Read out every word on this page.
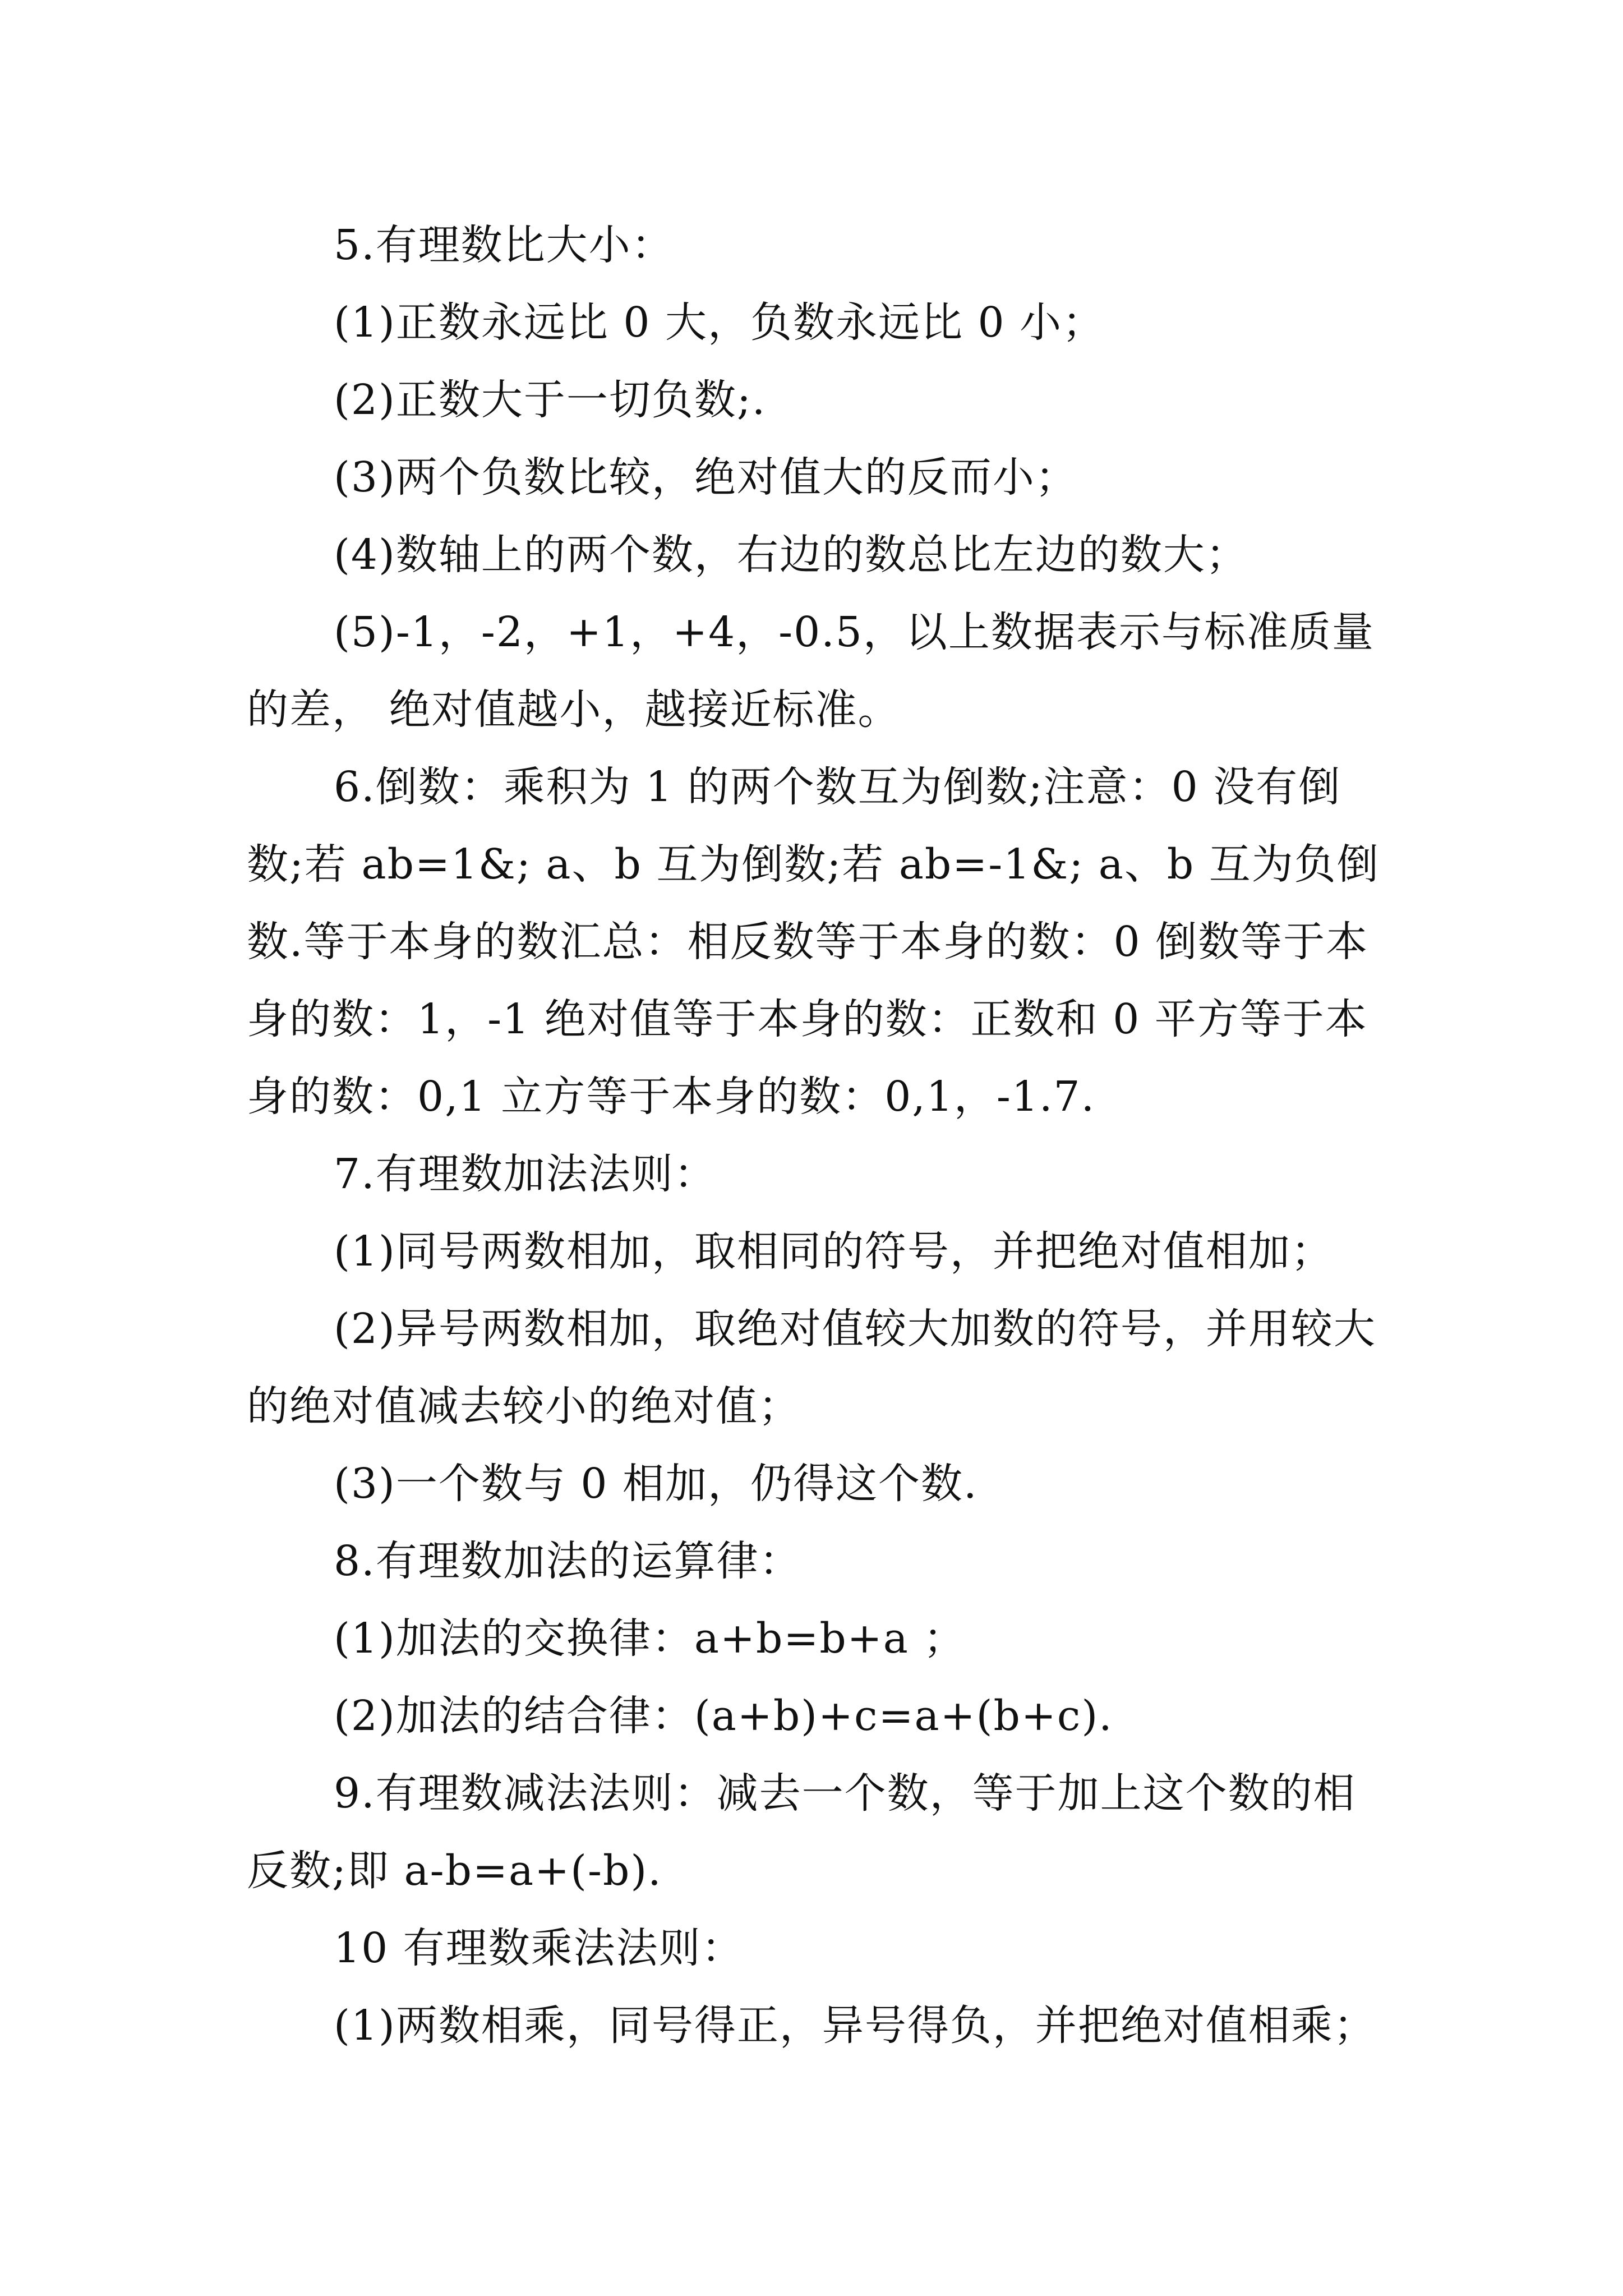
5.有理数比大小：

(1)正数永远比 0 大，负数永远比 0 小；

(2)正数大于一切负数;.

(3)两个负数比较，绝对值大的反而小；

(4)数轴上的两个数，右边的数总比左边的数大；

(5)-1，-2，+1，+4，-0.5，以上数据表示与标准质量的差， 绝对值越小，越接近标准。

6.倒数：乘积为 1 的两个数互为倒数;注意：0 没有倒数;若 ab=1&; a、b 互为倒数;若 ab=-1&; a、b 互为负倒数.等于本身的数汇总：相反数等于本身的数：0 倒数等于本身的数：1，-1 绝对值等于本身的数：正数和 0 平方等于本身的数：0,1 立方等于本身的数：0,1，-1.7.

7.有理数加法法则：

(1)同号两数相加，取相同的符号，并把绝对值相加；

(2)异号两数相加，取绝对值较大加数的符号，并用较大的绝对值减去较小的绝对值；

(3)一个数与 0 相加，仍得这个数.

8.有理数加法的运算律：

(1)加法的交换律：a+b=b+a ；

(2)加法的结合律：(a+b)+c=a+(b+c).

9.有理数减法法则：减去一个数，等于加上这个数的相反数;即 a-b=a+(-b).

10 有理数乘法法则：

(1)两数相乘，同号得正，异号得负，并把绝对值相乘；
